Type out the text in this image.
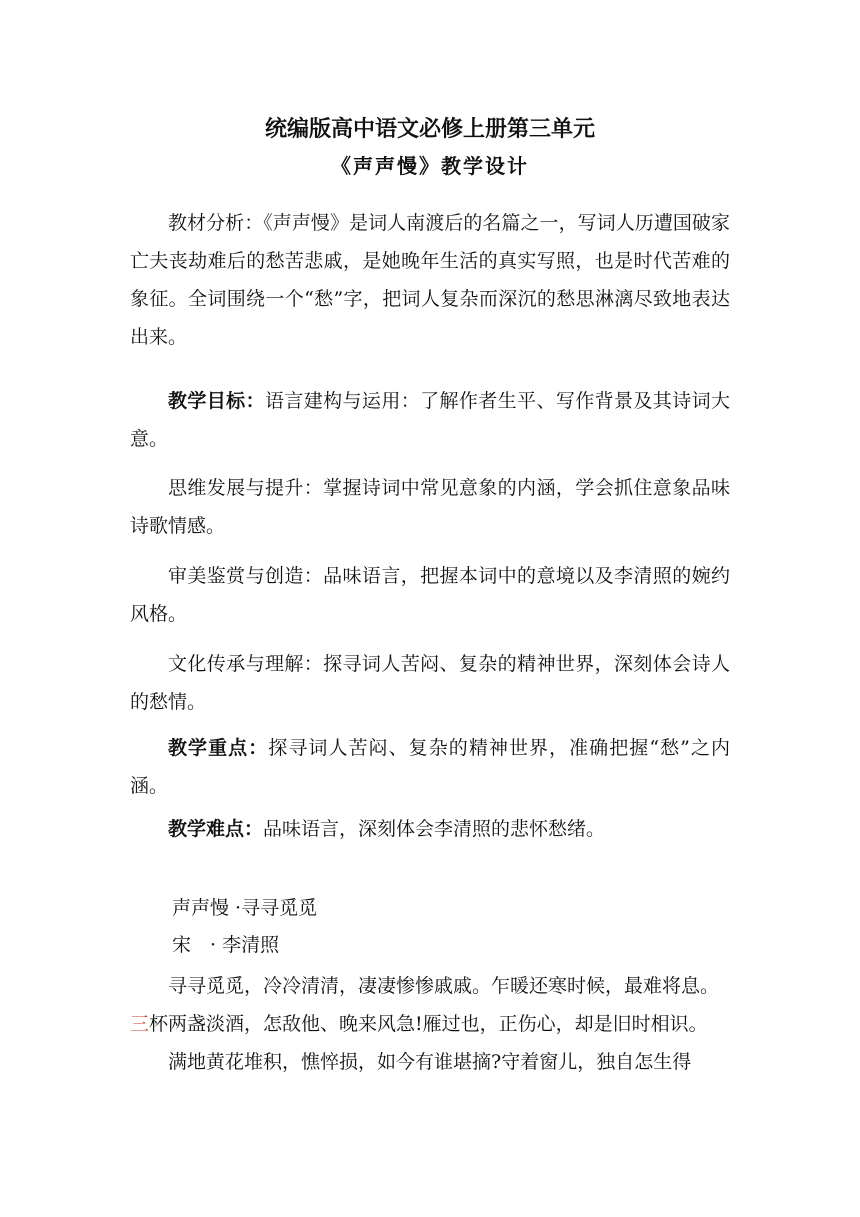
统编版高中语文必修上册第三单元
《声声慢》教学设计

教材分析：《声声慢》是词人南渡后的名篇之一，写词人历遭国破家亡夫丧劫难后的愁苦悲戚，是她晚年生活的真实写照，也是时代苦难的象征。全词围绕一个“愁”字，把词人复杂而深沉的愁思淋漓尽致地表达出来。

教学目标：语言建构与运用：了解作者生平、写作背景及其诗词大意。

思维发展与提升：掌握诗词中常见意象的内涵，学会抓住意象品味诗歌情感。

审美鉴赏与创造：品味语言，把握本词中的意境以及李清照的婉约风格。

文化传承与理解：探寻词人苦闷、复杂的精神世界，深刻体会诗人的愁情。

教学重点：探寻词人苦闷、复杂的精神世界，准确把握“愁”之内涵。

教学难点：品味语言，深刻体会李清照的悲怀愁绪。

声声慢 ·寻寻觅觅

宋　· 李清照

寻寻觅觅，冷冷清清，凄凄惨惨戚戚。乍暖还寒时候，最难将息。

三杯两盏淡酒，怎敌他、晚来风急!雁过也，正伤心，却是旧时相识。

满地黄花堆积，憔悴损，如今有谁堪摘?守着窗儿，独自怎生得
